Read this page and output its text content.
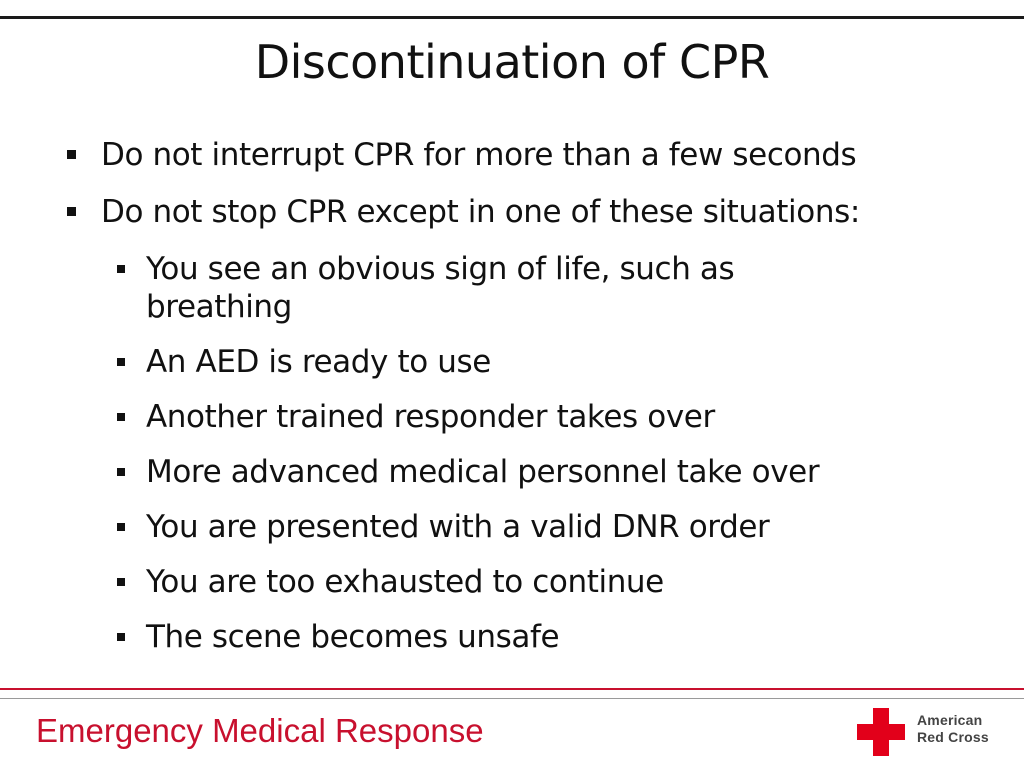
Discontinuation of CPR
Do not interrupt CPR for more than a few seconds
Do not stop CPR except in one of these situations:
You see an obvious sign of life, such as breathing
An AED is ready to use
Another trained responder takes over
More advanced medical personnel take over
You are presented with a valid DNR order
You are too exhausted to continue
The scene becomes unsafe
Emergency Medical Response	American
Red Cross
